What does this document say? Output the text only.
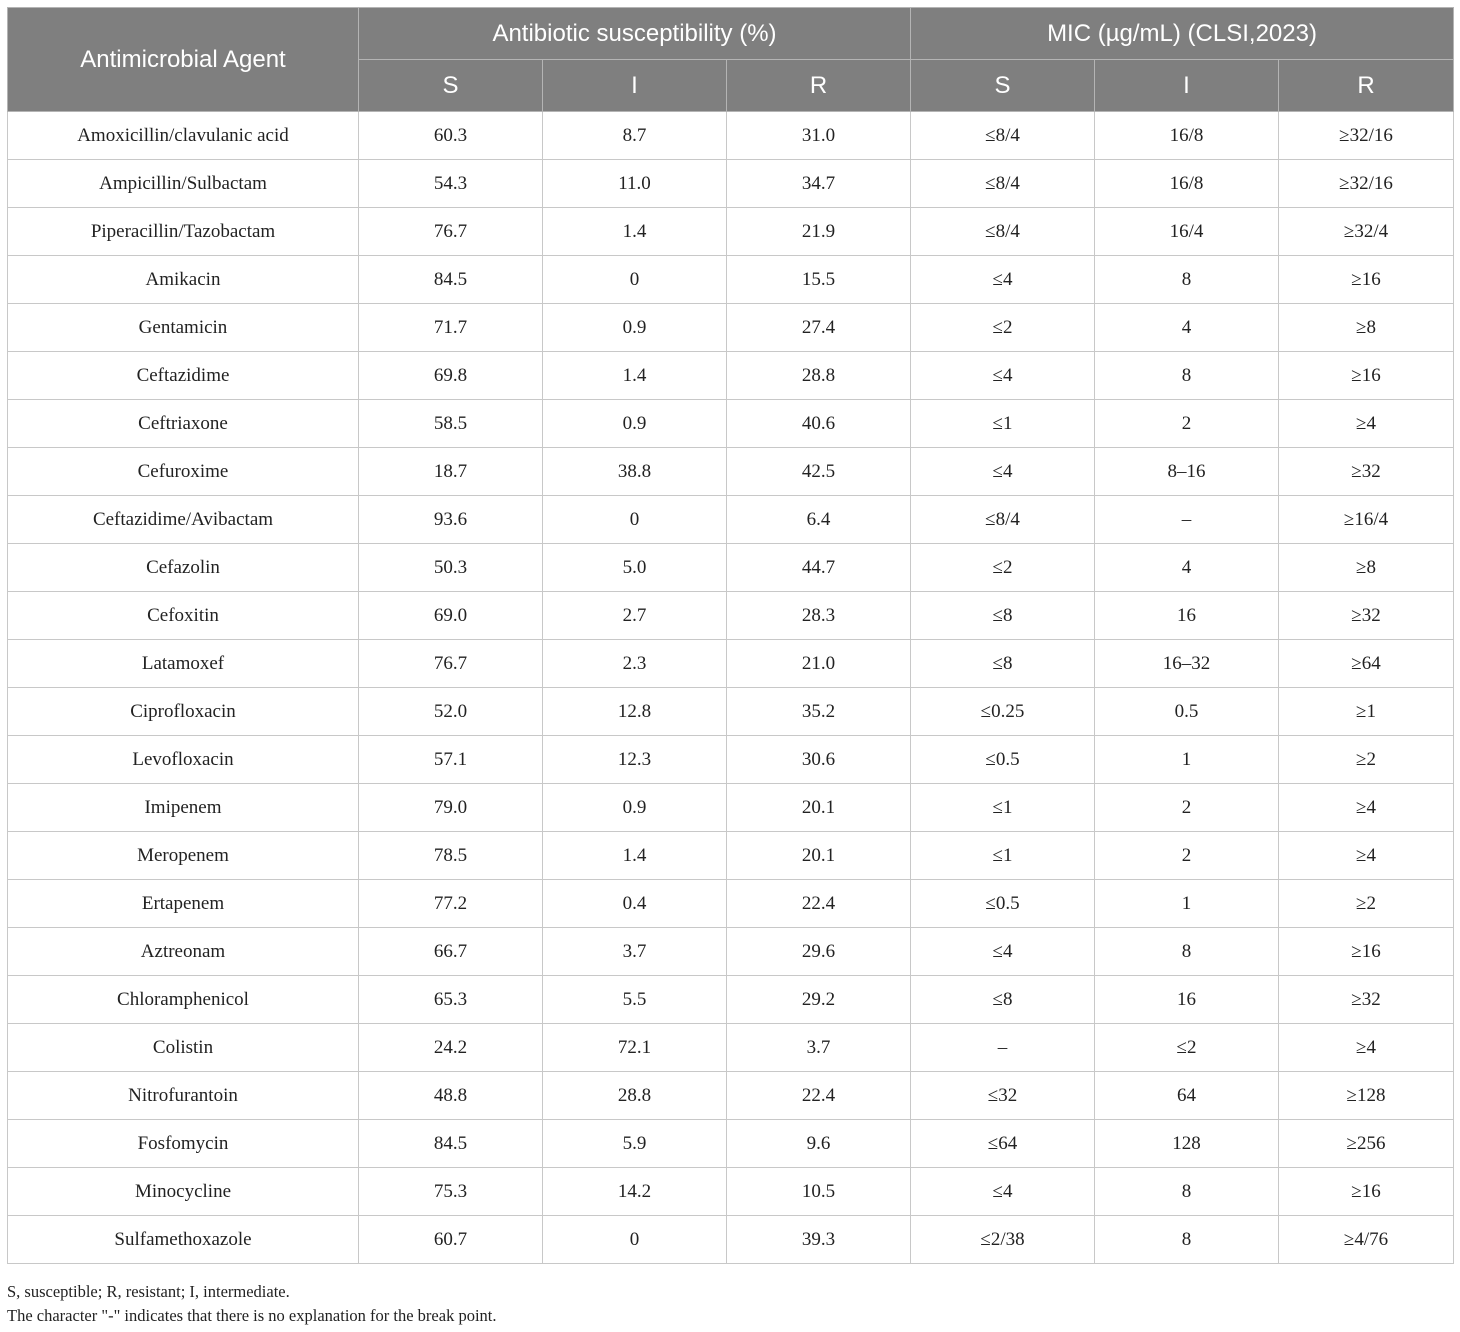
Antimicrobial Agent	Antibiotic susceptibility (%)			MIC (µg/mL) (CLSI,2023)		
	S	I	R	S	I	R
Amoxicillin/clavulanic acid	60.3	8.7	31.0	≤8/4	16/8	≥32/16
Ampicillin/Sulbactam	54.3	11.0	34.7	≤8/4	16/8	≥32/16
Piperacillin/Tazobactam	76.7	1.4	21.9	≤8/4	16/4	≥32/4
Amikacin	84.5	0	15.5	≤4	8	≥16
Gentamicin	71.7	0.9	27.4	≤2	4	≥8
Ceftazidime	69.8	1.4	28.8	≤4	8	≥16
Ceftriaxone	58.5	0.9	40.6	≤1	2	≥4
Cefuroxime	18.7	38.8	42.5	≤4	8–16	≥32
Ceftazidime/Avibactam	93.6	0	6.4	≤8/4	–	≥16/4
Cefazolin	50.3	5.0	44.7	≤2	4	≥8
Cefoxitin	69.0	2.7	28.3	≤8	16	≥32
Latamoxef	76.7	2.3	21.0	≤8	16–32	≥64
Ciprofloxacin	52.0	12.8	35.2	≤0.25	0.5	≥1
Levofloxacin	57.1	12.3	30.6	≤0.5	1	≥2
Imipenem	79.0	0.9	20.1	≤1	2	≥4
Meropenem	78.5	1.4	20.1	≤1	2	≥4
Ertapenem	77.2	0.4	22.4	≤0.5	1	≥2
Aztreonam	66.7	3.7	29.6	≤4	8	≥16
Chloramphenicol	65.3	5.5	29.2	≤8	16	≥32
Colistin	24.2	72.1	3.7	–	≤2	≥4
Nitrofurantoin	48.8	28.8	22.4	≤32	64	≥128
Fosfomycin	84.5	5.9	9.6	≤64	128	≥256
Minocycline	75.3	14.2	10.5	≤4	8	≥16
Sulfamethoxazole	60.7	0	39.3	≤2/38	8	≥4/76

S, susceptible; R, resistant; I, intermediate.

The character "-" indicates that there is no explanation for the break point.
